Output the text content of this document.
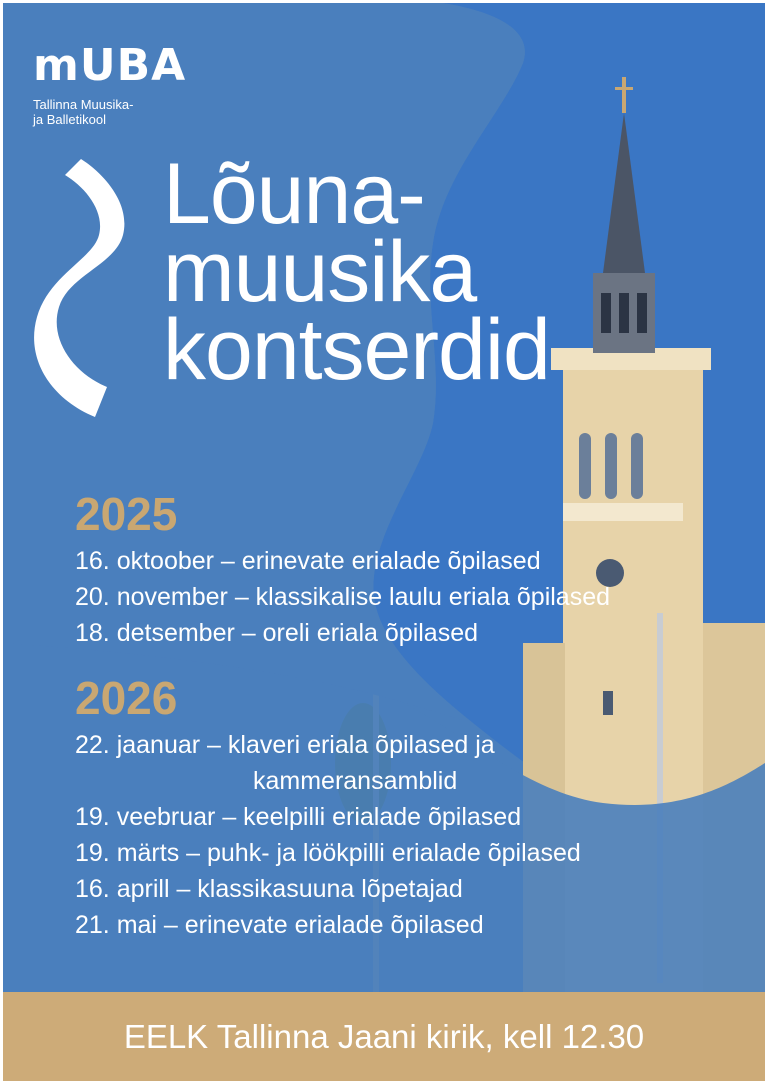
mUBA
Tallinna Muusika-
ja Balletikool
Lõuna-
muusika
kontserdid
2025
16. oktoober – erinevate erialade õpilased
20. november – klassikalise laulu eriala õpilased
18. detsember – oreli eriala õpilased
2026
22. jaanuar – klaveri eriala õpilased ja
kammeransamblid
19. veebruar – keelpilli erialade õpilased
19. märts – puhk- ja löökpilli erialade õpilased
16. aprill – klassikasuuna lõpetajad
21. mai – erinevate erialade õpilased
EELK Tallinna Jaani kirik, kell 12.30
